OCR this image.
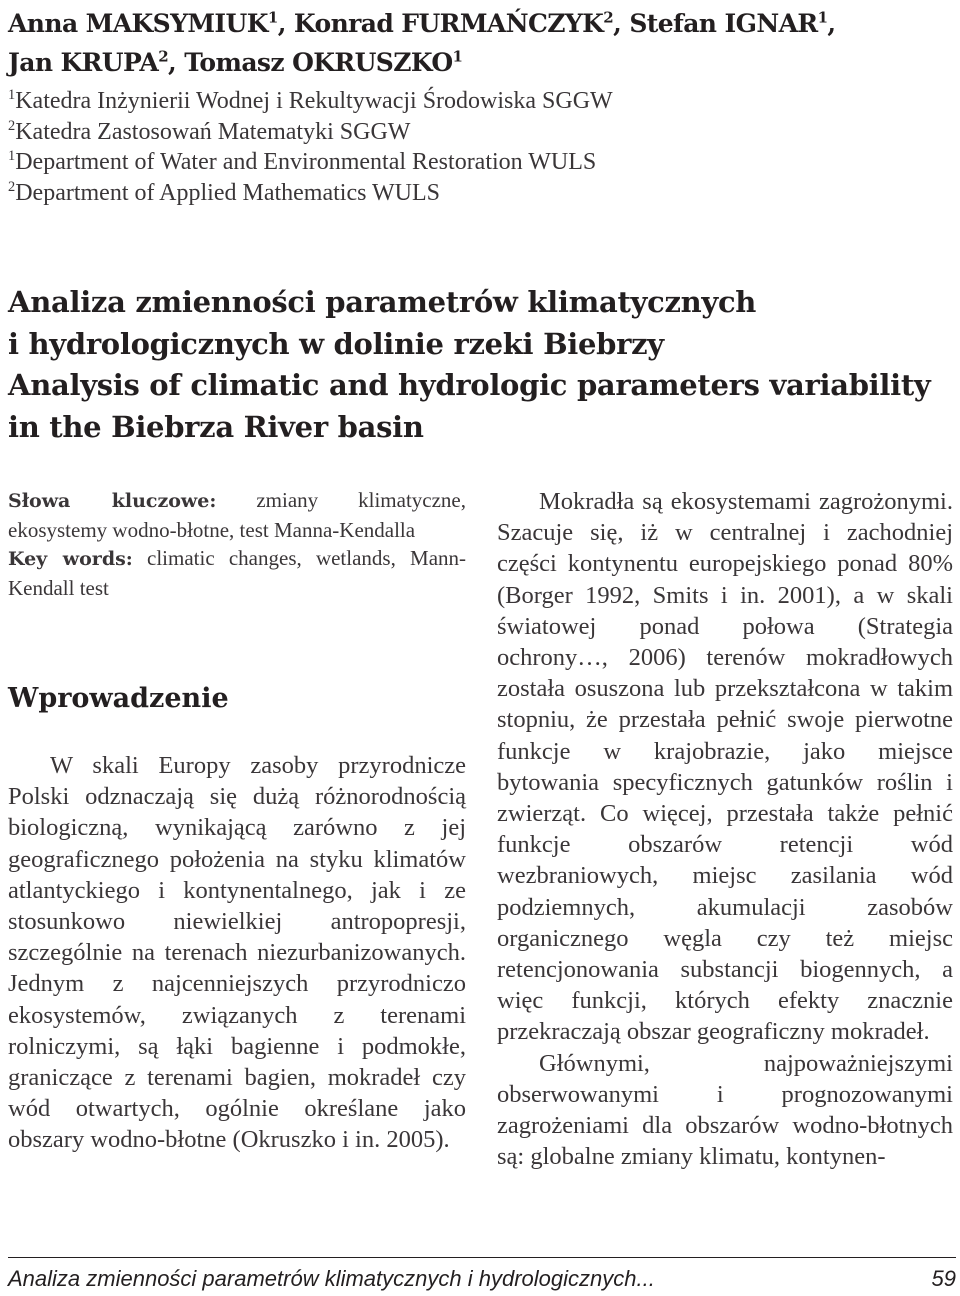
Anna MAKSYMIUK$^1$, Konrad FURMAŃCZYK$^2$, Stefan IGNAR$^1$,
Jan KRUPA$^2$, Tomasz OKRUSZKO$^1$
$^1$Katedra Inżynierii Wodnej i Rekultywacji Środowiska SGGW
$^2$Katedra Zastosowań Matematyki SGGW
$^1$Department of Water and Environmental Restoration WULS
$^2$Department of Applied Mathematics WULS
Analiza zmienności parametrów klimatycznych
i hydrologicznych w dolinie rzeki Biebrzy
Analysis of climatic and hydrologic parameters variability
in the Biebrza River basin

Słowa kluczowe: zmiany klimatyczne, ekosystemy wodno-błotne, test Manna-Kendalla

Key words: climatic changes, wetlands, Mann-Kendall test

Wprowadzenie

W skali Europy zasoby przyrodnicze Polski odznaczają się dużą różnorodnością biologiczną, wynikającą zarówno z jej geograficznego położenia na styku klimatów atlantyckiego i kontynentalnego, jak i ze stosunkowo niewielkiej antropopresji, szczególnie na terenach niezurbanizowanych. Jednym z najcenniejszych przyrodniczo ekosystemów, związanych z terenami rolniczymi, są łąki bagienne i podmokłe, graniczące z terenami bagien, mokradeł czy wód otwartych, ogólnie określane jako obszary wodno-błotne (Okruszko i in. 2005).

Mokradła są ekosystemami zagrożonymi. Szacuje się, iż w centralnej i zachodniej części kontynentu europejskiego ponad 80% (Borger 1992, Smits i in. 2001), a w skali światowej ponad połowa (Strategia ochrony…, 2006) terenów mokradłowych została osuszona lub przekształcona w takim stopniu, że przestała pełnić swoje pierwotne funkcje w krajobrazie, jako miejsce bytowania specyficznych gatunków roślin i zwierząt. Co więcej, przestała także pełnić funkcje obszarów retencji wód wezbraniowych, miejsc zasilania wód podziemnych, akumulacji zasobów organicznego węgla czy też miejsc retencjonowania substancji biogennych, a więc funkcji, których efekty znacznie przekraczają obszar geograficzny mokradeł.

Głównymi, najpoważniejszymi obserwowanymi i prognozowanymi zagrożeniami dla obszarów wodno-błotnych są: globalne zmiany klimatu, kontynen-

Analiza zmienności parametrów klimatycznych i hydrologicznych...	59
